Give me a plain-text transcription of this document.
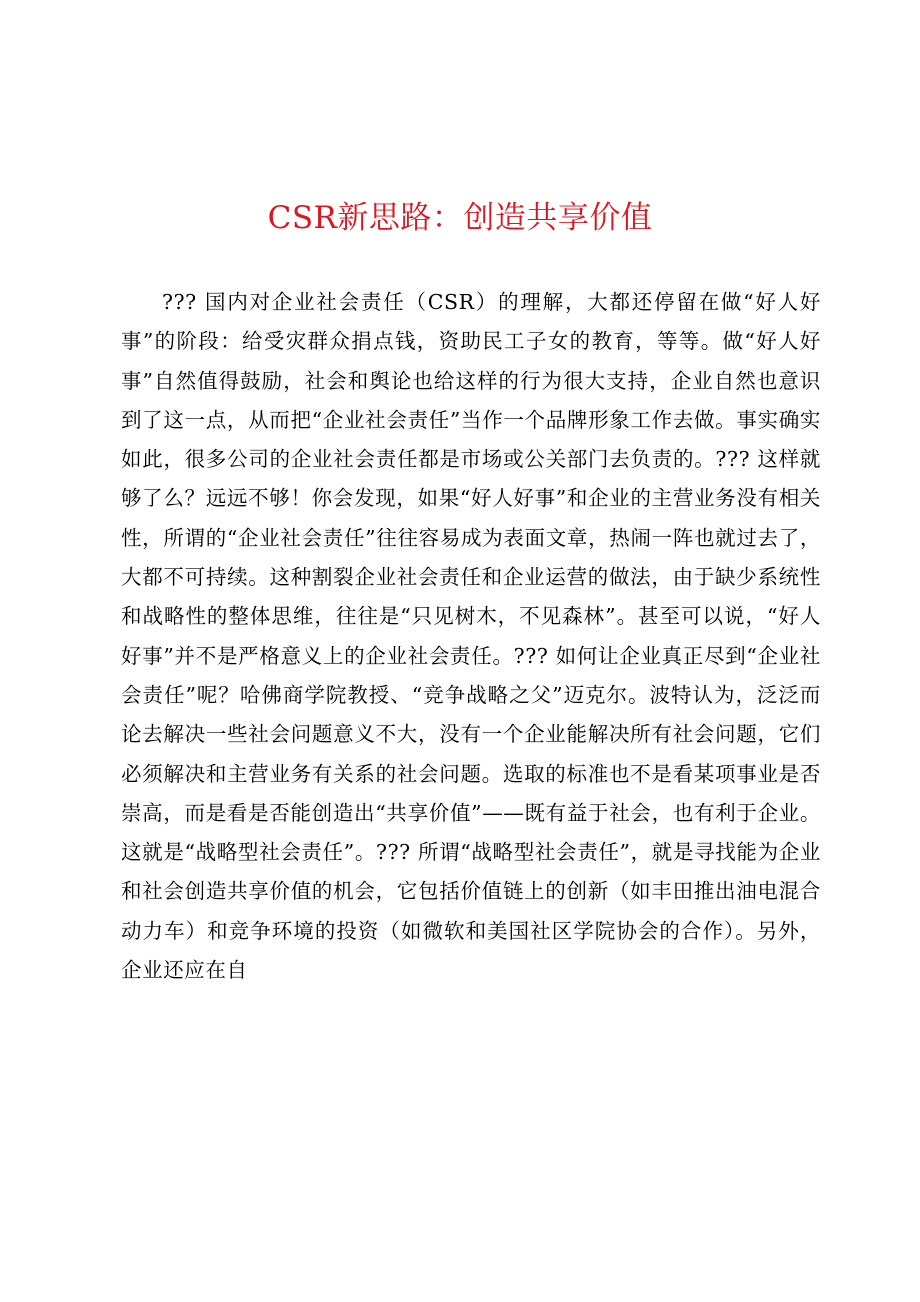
CSR新思路：创造共享价值

??? 国内对企业社会责任（CSR）的理解，大都还停留在做“好人好事”的阶段：给受灾群众捐点钱，资助民工子女的教育，等等。做“好人好事”自然值得鼓励，社会和舆论也给这样的行为很大支持，企业自然也意识到了这一点，从而把“企业社会责任”当作一个品牌形象工作去做。事实确实如此，很多公司的企业社会责任都是市场或公关部门去负责的。??? 这样就够了么？远远不够！你会发现，如果“好人好事”和企业的主营业务没有相关性，所谓的“企业社会责任”往往容易成为表面文章，热闹一阵也就过去了，大都不可持续。这种割裂企业社会责任和企业运营的做法，由于缺少系统性和战略性的整体思维，往往是“只见树木，不见森林”。甚至可以说，“好人好事”并不是严格意义上的企业社会责任。??? 如何让企业真正尽到“企业社会责任”呢？哈佛商学院教授、“竞争战略之父”迈克尔。波特认为，泛泛而论去解决一些社会问题意义不大，没有一个企业能解决所有社会问题，它们必须解决和主营业务有关系的社会问题。选取的标准也不是看某项事业是否崇高，而是看是否能创造出“共享价值”——既有益于社会，也有利于企业。这就是“战略型社会责任”。??? 所谓“战略型社会责任”，就是寻找能为企业和社会创造共享价值的机会，它包括价值链上的创新（如丰田推出油电混合动力车）和竞争环境的投资（如微软和美国社区学院协会的合作）。另外，企业还应在自
